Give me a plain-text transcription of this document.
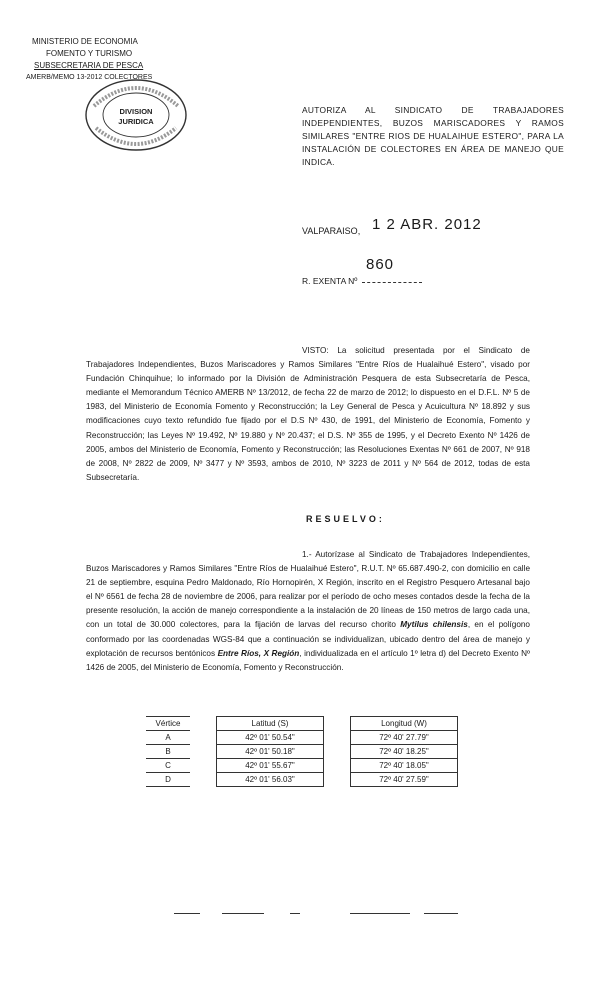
MINISTERIO DE ECONOMIA
FOMENTO Y TURISMO
SUBSECRETARIA DE PESCA
AMERB/MEMO 13-2012 COLECTORES
DIVISION
JURIDICA
AUTORIZA AL SINDICATO DE TRABAJADORES INDEPENDIENTES, BUZOS MARISCADORES Y RAMOS SIMILARES "ENTRE RIOS DE HUALAIHUE ESTERO", PARA LA INSTALACIÓN DE COLECTORES EN ÁREA DE MANEJO QUE INDICA.
VALPARAISO, 1 2 ABR. 2012
860
R. EXENTA Nº
VISTO: La solicitud presentada por el Sindicato de Trabajadores Independientes, Buzos Mariscadores y Ramos Similares "Entre Ríos de Hualaihué Estero", visado por Fundación Chinquihue; lo informado por la División de Administración Pesquera de esta Subsecretaría de Pesca, mediante el Memorandum Técnico AMERB Nº 13/2012, de fecha 22 de marzo de 2012; lo dispuesto en el D.F.L. Nº 5 de 1983, del Ministerio de Economía Fomento y Reconstrucción; la Ley General de Pesca y Acuicultura Nº 18.892 y sus modificaciones cuyo texto refundido fue fijado por el D.S Nº 430, de 1991, del Ministerio de Economía, Fomento y Reconstrucción; las Leyes Nº 19.492, Nº 19.880 y Nº 20.437; el D.S. Nº 355 de 1995, y el Decreto Exento Nº 1426 de 2005, ambos del Ministerio de Economía, Fomento y Reconstrucción; las Resoluciones Exentas Nº 661 de 2007, Nº 918 de 2008, Nº 2822 de 2009, Nº 3477 y Nº 3593, ambos de 2010, Nº 3223 de 2011 y Nº 564 de 2012, todas de esta Subsecretaría.
RESUELVO:
1.- Autorízase al Sindicato de Trabajadores Independientes, Buzos Mariscadores y Ramos Similares "Entre Ríos de Hualaihué Estero", R.U.T. Nº 65.687.490-2, con domicilio en calle 21 de septiembre, esquina Pedro Maldonado, Río Hornopirén, X Región, inscrito en el Registro Pesquero Artesanal bajo el Nº 6561 de fecha 28 de noviembre de 2006, para realizar por el período de ocho meses contados desde la fecha de la presente resolución, la acción de manejo correspondiente a la instalación de 20 líneas de 150 metros de largo cada una, con un total de 30.000 colectores, para la fijación de larvas del recurso chorito Mytilus chilensis, en el polígono conformado por las coordenadas WGS-84 que a continuación se individualizan, ubicado dentro del área de manejo y explotación de recursos bentónicos Entre Ríos, X Región, individualizada en el artículo 1º letra d) del Decreto Exento Nº 1426 de 2005, del Ministerio de Economía, Fomento y Reconstrucción.
Vértice		Latitud (S)		Longitud (W)
A		42º 01' 50.54"		72º 40' 27.79"
B		42º 01' 50.18"		72º 40' 18.25"
C		42º 01' 55.67"		72º 40' 18.05"
D		42º 01' 56.03"		72º 40' 27.59"
